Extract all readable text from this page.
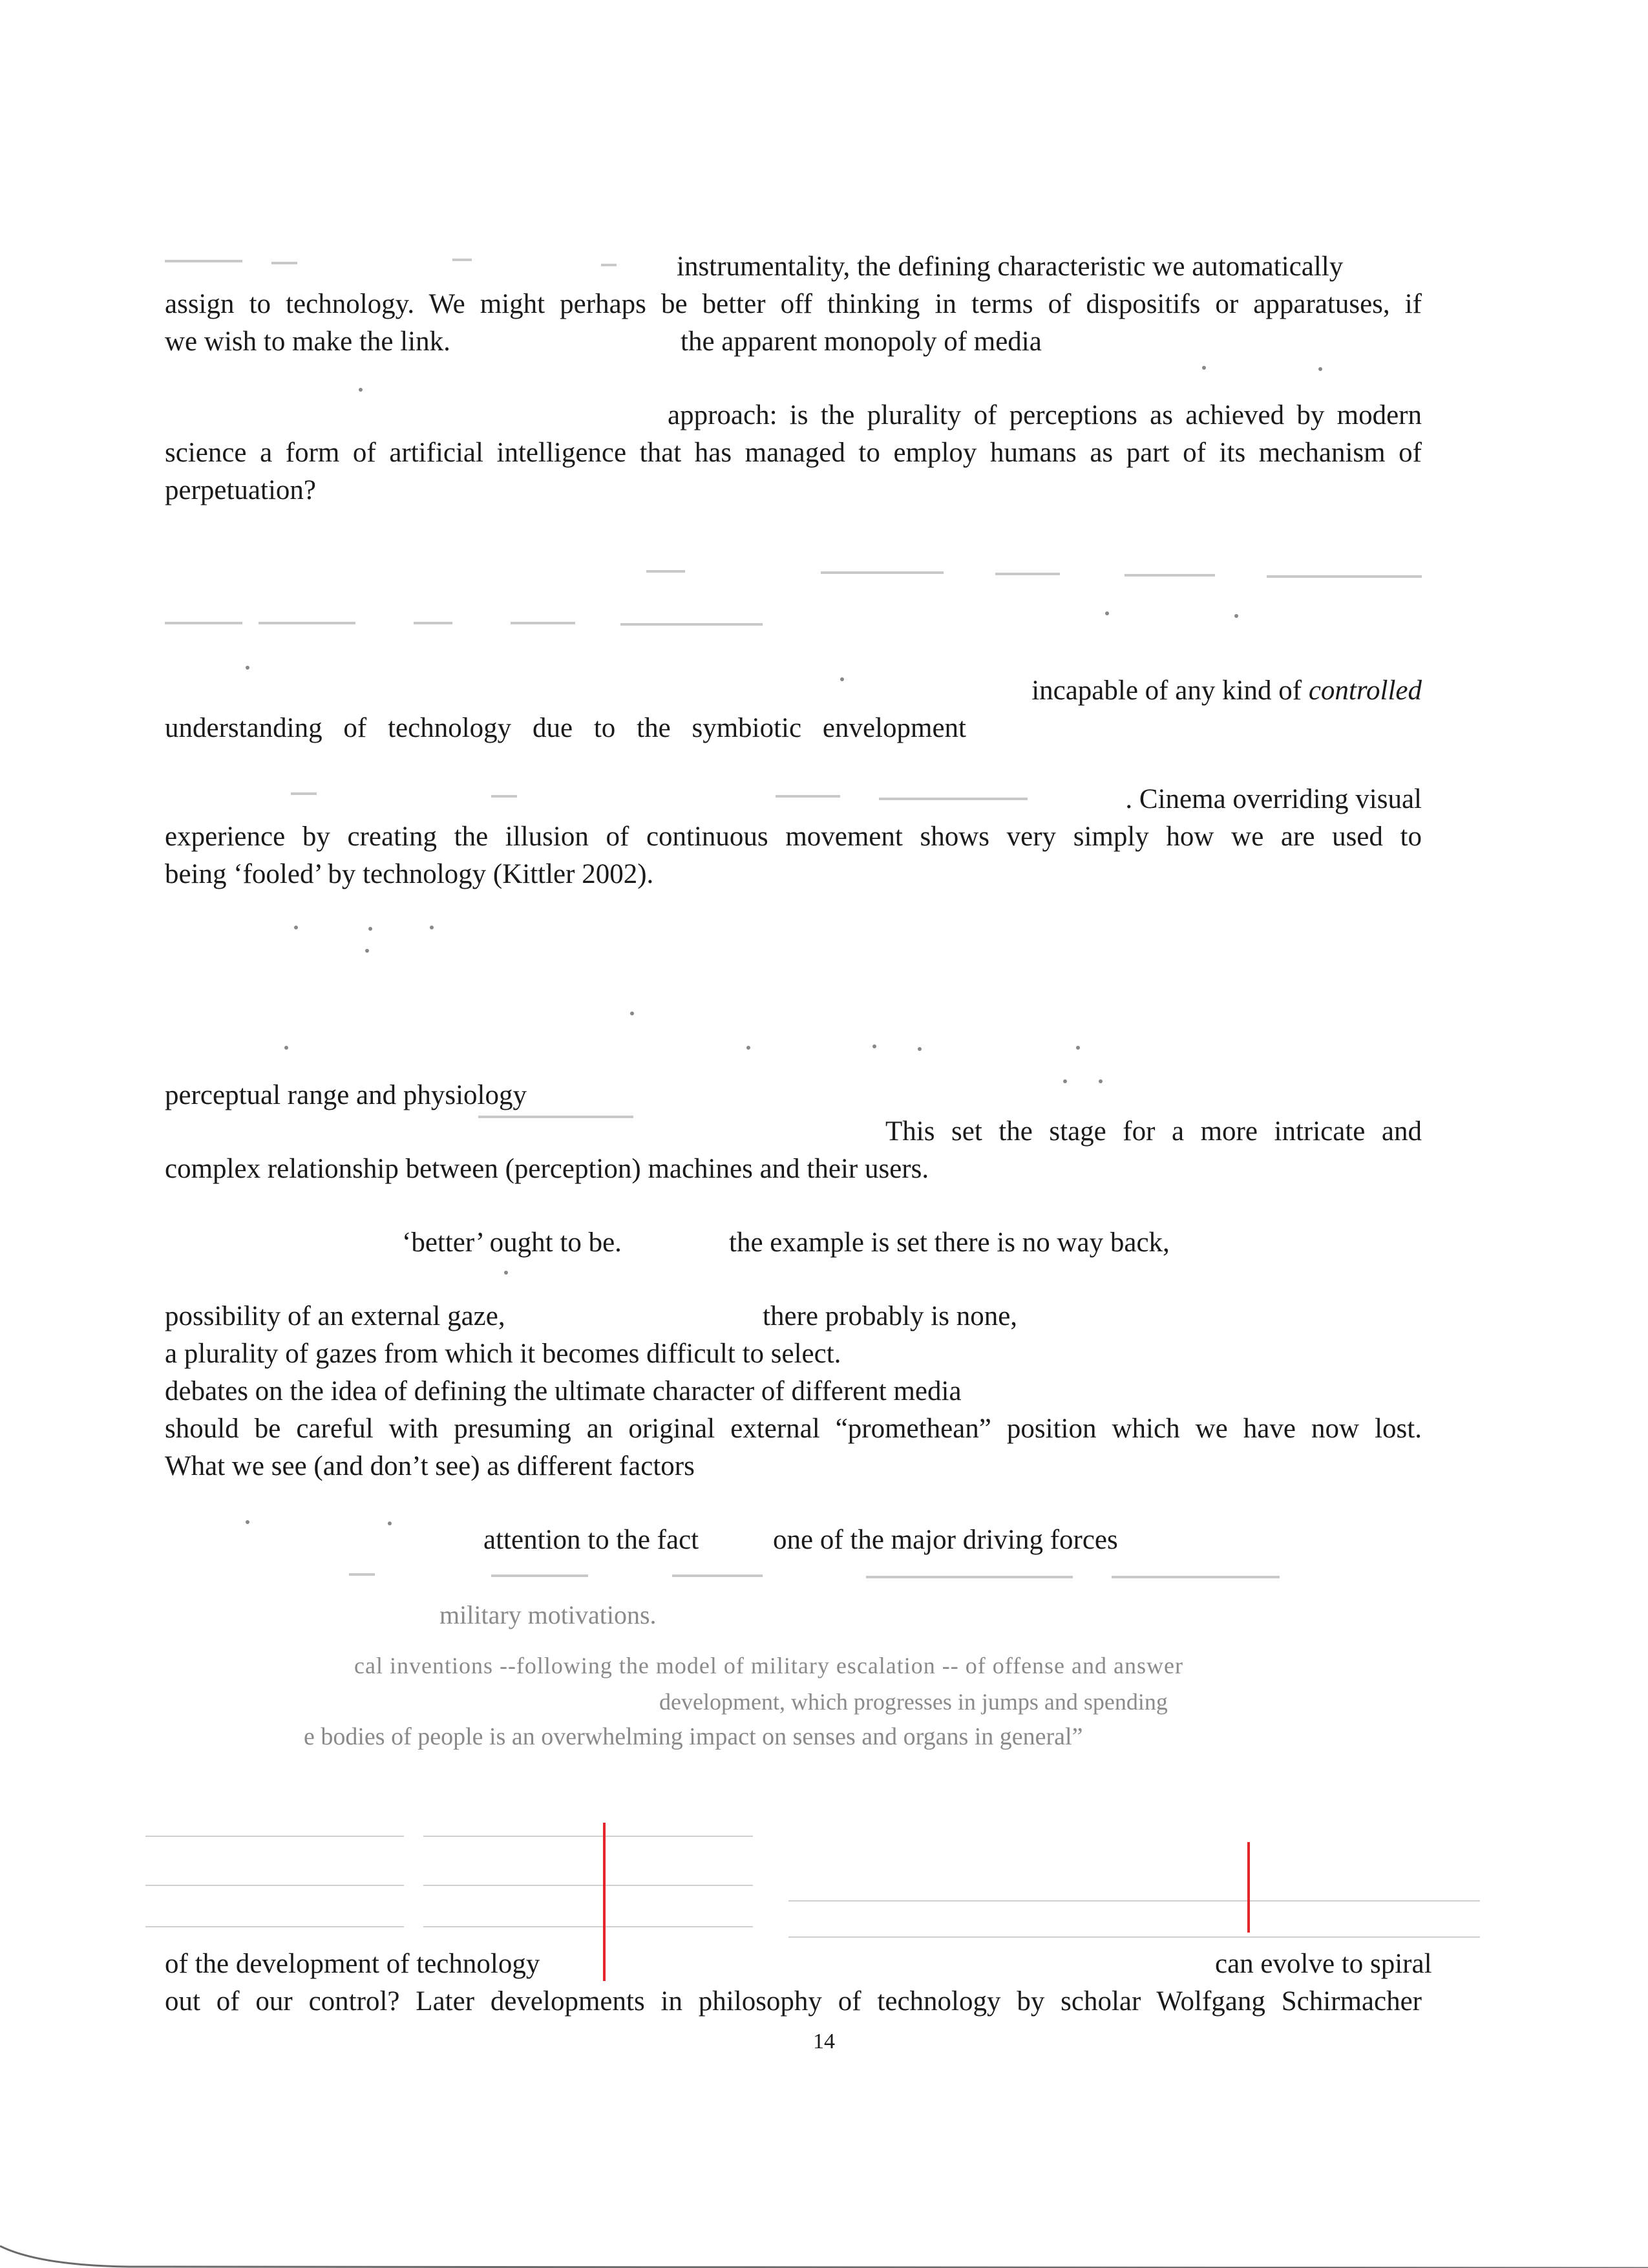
instrumentality, the defining characteristic we automatically

assign to technology. We might perhaps be better off thinking in terms of dispositifs or apparatuses, if

we wish to make the link.	the apparent monopoly of media

approach: is the plurality of perceptions as achieved by modern

science a form of artificial intelligence that has managed to employ humans as part of its mechanism of

perpetuation?

incapable of any kind of controlled

understanding of technology due to the symbiotic envelopment

. Cinema overriding visual

experience by creating the illusion of continuous movement shows very simply how we are used to

being ‘fooled’ by technology (Kittler 2002).

perceptual range and physiology

This set the stage for a more intricate and

complex relationship between (perception) machines and their users.

‘better’ ought to be.	the example is set there is no way back,

possibility of an external gaze,	there probably is none,

a plurality of gazes from which it becomes difficult to select.

debates on the idea of defining the ultimate character of different media

should be careful with presuming an original external “promethean” position which we have now lost.

What we see (and don’t see) as different factors

attention to the fact	one of the major driving forces

military motivations.

cal inventions --following the model of military escalation -- of offense and answer

development, which progresses in jumps and spending

e bodies of people is an overwhelming impact on senses and organs in general”

of the development of technology	can evolve to spiral

out of our control? Later developments in philosophy of technology by scholar Wolfgang Schirmacher

14
